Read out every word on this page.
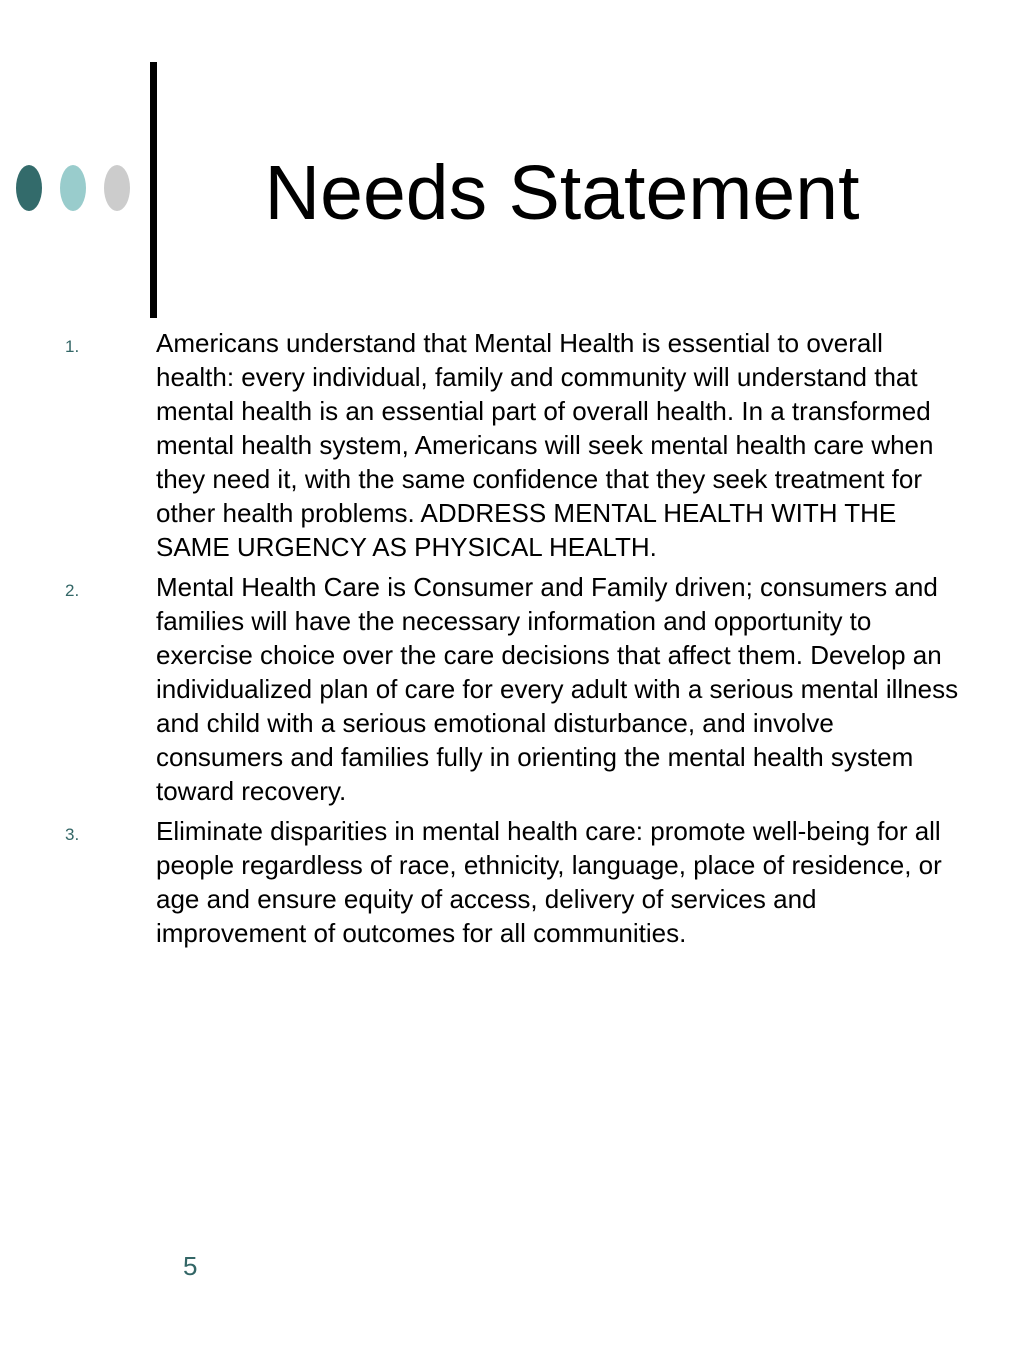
Needs Statement
1.	Americans understand that Mental Health is essential to overall health: every individual, family and community will understand that mental health is an essential part of overall health. In a transformed mental health system, Americans will seek mental health care when they need it, with the same confidence that they seek treatment for other health problems. ADDRESS MENTAL HEALTH WITH THE SAME URGENCY AS PHYSICAL HEALTH.
2.	Mental Health Care is Consumer and Family driven; consumers and families will have the necessary information and opportunity to exercise choice over the care decisions that affect them. Develop an individualized plan of care for every adult with a serious mental illness and child with a serious emotional disturbance, and involve consumers and families fully in orienting the mental health system toward recovery.
3.	Eliminate disparities in mental health care: promote well-being for all people regardless of race, ethnicity, language, place of residence, or age and ensure equity of access, delivery of services and improvement of outcomes for all communities.
5
